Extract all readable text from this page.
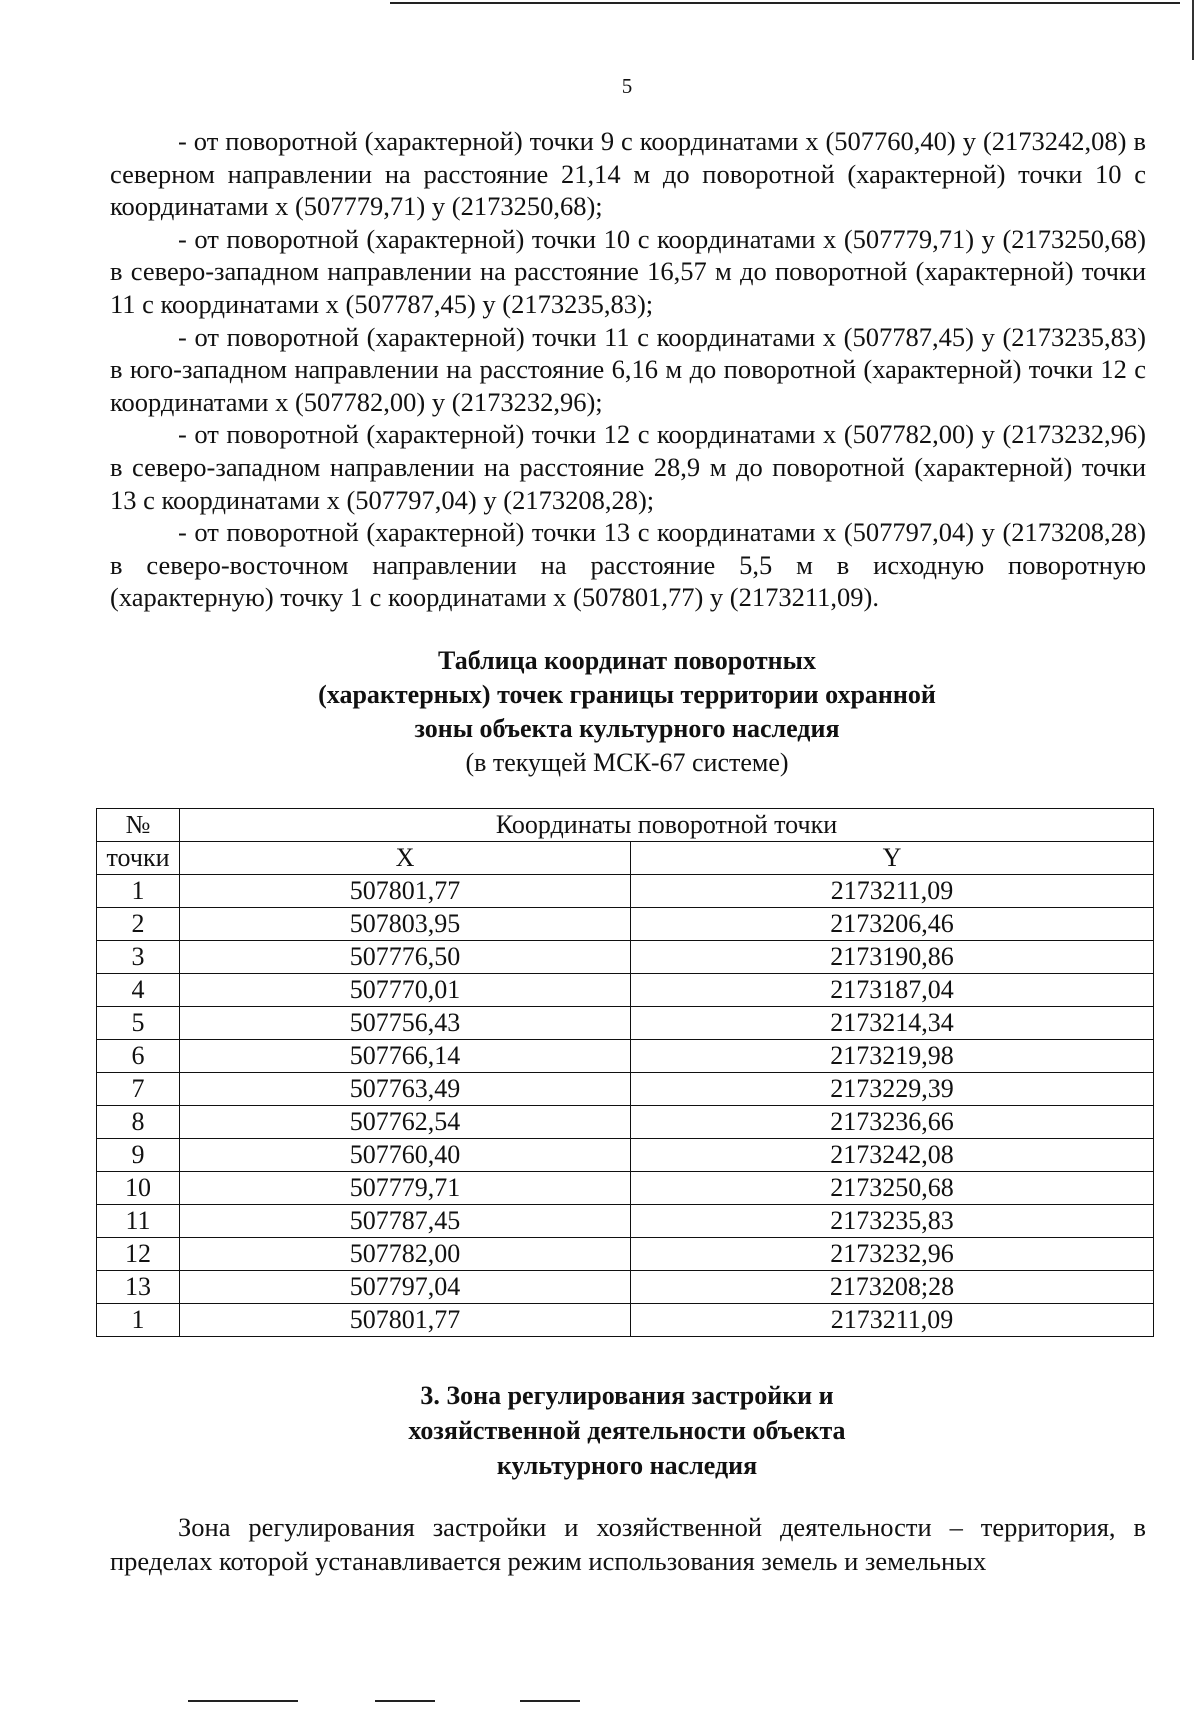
5

- от поворотной (характерной) точки 9 с координатами x (507760,40) y (2173242,08) в северном направлении на расстояние 21,14 м до поворотной (характерной) точки 10 с координатами x (507779,71) y (2173250,68);

- от поворотной (характерной) точки 10 с координатами x (507779,71) y (2173250,68) в северо-западном направлении на расстояние 16,57 м до поворотной (характерной) точки 11 с координатами x (507787,45) y (2173235,83);

- от поворотной (характерной) точки 11 с координатами x (507787,45) y (2173235,83) в юго-западном направлении на расстояние 6,16 м до поворотной (характерной) точки 12 с координатами x (507782,00) y (2173232,96);

- от поворотной (характерной) точки 12 с координатами x (507782,00) y (2173232,96) в северо-западном направлении на расстояние 28,9 м до поворотной (характерной) точки 13 с координатами x (507797,04) y (2173208,28);

- от поворотной (характерной) точки 13 с координатами x (507797,04) y (2173208,28) в северо-восточном направлении на расстояние 5,5 м в исходную поворотную (характерную) точку 1 с координатами x (507801,77) y (2173211,09).

Таблица координат поворотных
(характерных) точек границы территории охранной
зоны объекта культурного наследия
(в текущей МСК-67 системе)
№	Координаты поворотной точки	
точки	X	Y
1	507801,77	2173211,09
2	507803,95	2173206,46
3	507776,50	2173190,86
4	507770,01	2173187,04
5	507756,43	2173214,34
6	507766,14	2173219,98
7	507763,49	2173229,39
8	507762,54	2173236,66
9	507760,40	2173242,08
10	507779,71	2173250,68
11	507787,45	2173235,83
12	507782,00	2173232,96
13	507797,04	2173208;28
1	507801,77	2173211,09
3. Зона регулирования застройки и
хозяйственной деятельности объекта
культурного наследия

Зона регулирования застройки и хозяйственной деятельности – территория, в пределах которой устанавливается режим использования земель и земельных
